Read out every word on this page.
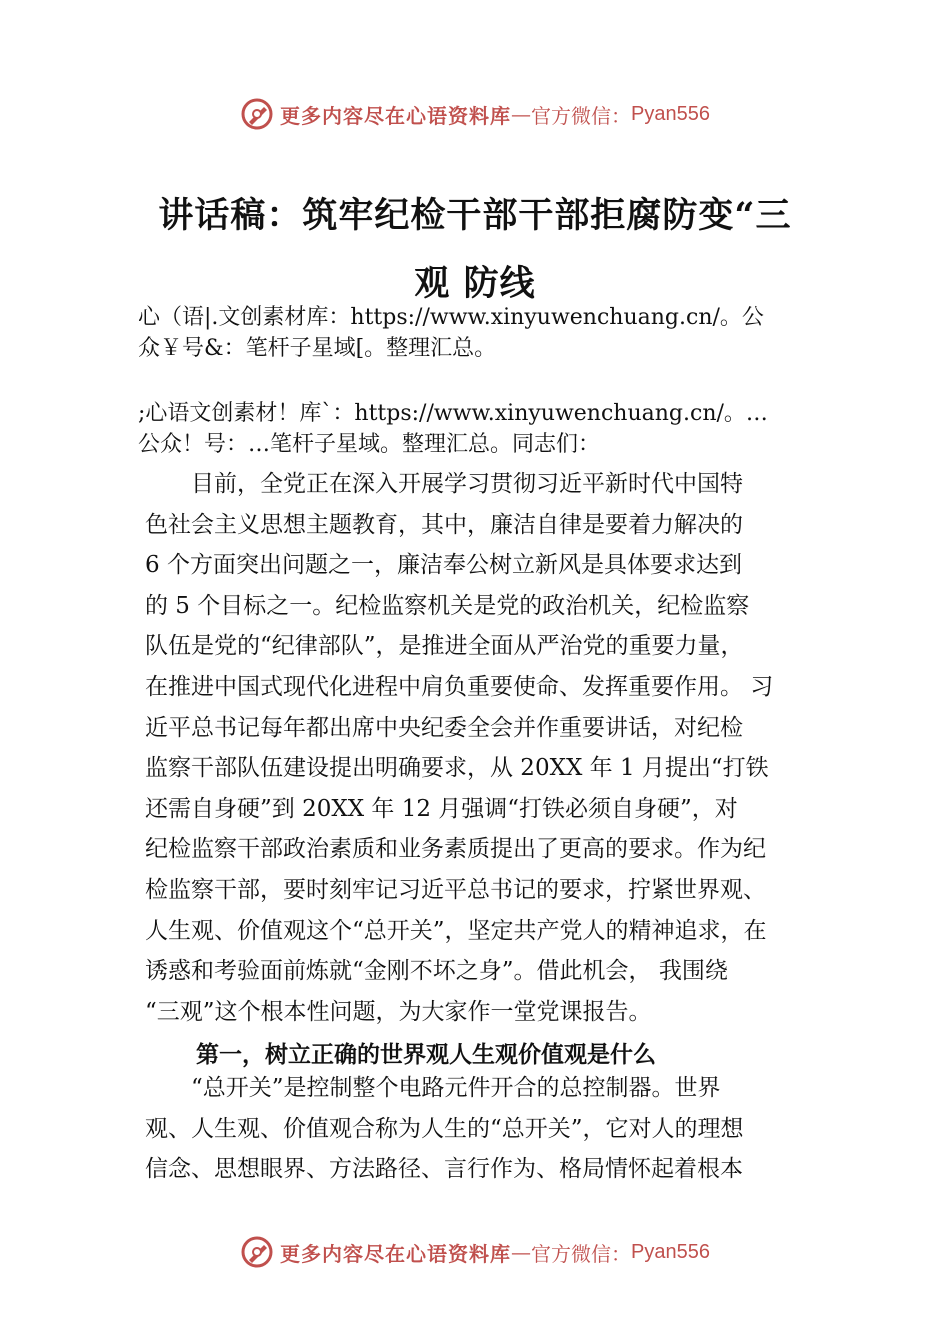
更多内容尽在心语资料库 — 官方微信： Pyan556
讲话稿：筑牢纪检干部干部拒腐防变“三
观 防线
心（语|.文创素材库：https://www.xinyuwenchuang.cn/。公
众￥号&：笔杆子星域[。整理汇总。
;心语文创素材！库`：https://www.xinyuwenchuang.cn/。…
公众！号：…笔杆子星域。整理汇总。同志们：
　　目前，全党正在深入开展学习贯彻习近平新时代中国特
色社会主义思想主题教育，其中，廉洁自律是要着力解决的
6 个方面突出问题之一，廉洁奉公树立新风是具体要求达到
的 5 个目标之一。纪检监察机关是党的政治机关，纪检监察
队伍是党的“纪律部队”，是推进全面从严治党的重要力量，
在推进中国式现代化进程中肩负重要使命、发挥重要作用。 习
近平总书记每年都出席中央纪委全会并作重要讲话，对纪检
监察干部队伍建设提出明确要求，从 20XX 年 1 月提出“打铁
还需自身硬”到 20XX 年 12 月强调“打铁必须自身硬”，对
纪检监察干部政治素质和业务素质提出了更高的要求。作为纪
检监察干部，要时刻牢记习近平总书记的要求，拧紧世界观、
人生观、价值观这个“总开关”，坚定共产党人的精神追求，在
诱惑和考验面前炼就“金刚不坏之身”。借此机会， 我围绕
“三观”这个根本性问题，为大家作一堂党课报告。
第一，树立正确的世界观人生观价值观是什么
　　“总开关”是控制整个电路元件开合的总控制器。世界
观、人生观、价值观合称为人生的“总开关”，它对人的理想
信念、思想眼界、方法路径、言行作为、格局情怀起着根本
更多内容尽在心语资料库 — 官方微信： Pyan556
